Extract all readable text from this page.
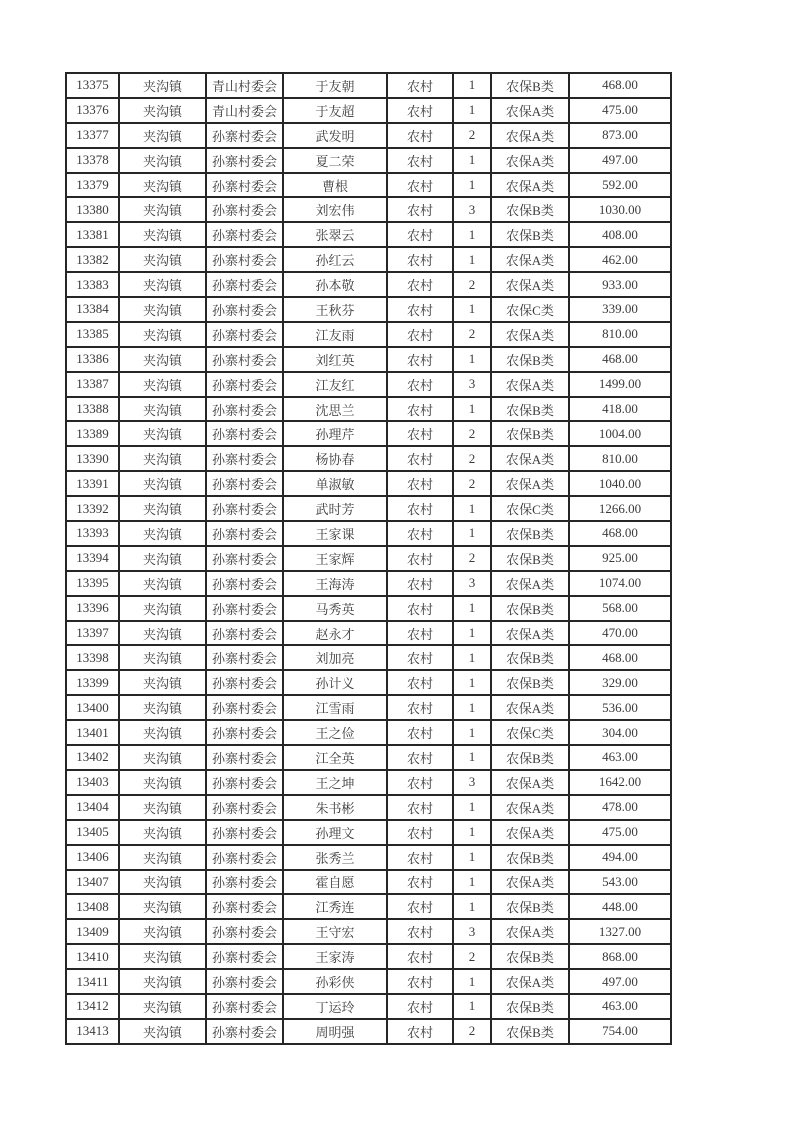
13375	夹沟镇	青山村委会	于友朝	农村	1	农保B类	468.00
13376	夹沟镇	青山村委会	于友超	农村	1	农保A类	475.00
13377	夹沟镇	孙寨村委会	武发明	农村	2	农保A类	873.00
13378	夹沟镇	孙寨村委会	夏二荣	农村	1	农保A类	497.00
13379	夹沟镇	孙寨村委会	曹根	农村	1	农保A类	592.00
13380	夹沟镇	孙寨村委会	刘宏伟	农村	3	农保B类	1030.00
13381	夹沟镇	孙寨村委会	张翠云	农村	1	农保B类	408.00
13382	夹沟镇	孙寨村委会	孙红云	农村	1	农保A类	462.00
13383	夹沟镇	孙寨村委会	孙本敬	农村	2	农保A类	933.00
13384	夹沟镇	孙寨村委会	王秋芬	农村	1	农保C类	339.00
13385	夹沟镇	孙寨村委会	江友雨	农村	2	农保A类	810.00
13386	夹沟镇	孙寨村委会	刘红英	农村	1	农保B类	468.00
13387	夹沟镇	孙寨村委会	江友红	农村	3	农保A类	1499.00
13388	夹沟镇	孙寨村委会	沈思兰	农村	1	农保B类	418.00
13389	夹沟镇	孙寨村委会	孙理芹	农村	2	农保B类	1004.00
13390	夹沟镇	孙寨村委会	杨协春	农村	2	农保A类	810.00
13391	夹沟镇	孙寨村委会	单淑敏	农村	2	农保A类	1040.00
13392	夹沟镇	孙寨村委会	武时芳	农村	1	农保C类	1266.00
13393	夹沟镇	孙寨村委会	王家课	农村	1	农保B类	468.00
13394	夹沟镇	孙寨村委会	王家辉	农村	2	农保B类	925.00
13395	夹沟镇	孙寨村委会	王海涛	农村	3	农保A类	1074.00
13396	夹沟镇	孙寨村委会	马秀英	农村	1	农保B类	568.00
13397	夹沟镇	孙寨村委会	赵永才	农村	1	农保A类	470.00
13398	夹沟镇	孙寨村委会	刘加亮	农村	1	农保B类	468.00
13399	夹沟镇	孙寨村委会	孙计义	农村	1	农保B类	329.00
13400	夹沟镇	孙寨村委会	江雪雨	农村	1	农保A类	536.00
13401	夹沟镇	孙寨村委会	王之俭	农村	1	农保C类	304.00
13402	夹沟镇	孙寨村委会	江全英	农村	1	农保B类	463.00
13403	夹沟镇	孙寨村委会	王之坤	农村	3	农保A类	1642.00
13404	夹沟镇	孙寨村委会	朱书彬	农村	1	农保A类	478.00
13405	夹沟镇	孙寨村委会	孙理文	农村	1	农保A类	475.00
13406	夹沟镇	孙寨村委会	张秀兰	农村	1	农保B类	494.00
13407	夹沟镇	孙寨村委会	霍自愿	农村	1	农保A类	543.00
13408	夹沟镇	孙寨村委会	江秀连	农村	1	农保B类	448.00
13409	夹沟镇	孙寨村委会	王守宏	农村	3	农保A类	1327.00
13410	夹沟镇	孙寨村委会	王家涛	农村	2	农保B类	868.00
13411	夹沟镇	孙寨村委会	孙彩侠	农村	1	农保A类	497.00
13412	夹沟镇	孙寨村委会	丁运玲	农村	1	农保B类	463.00
13413	夹沟镇	孙寨村委会	周明强	农村	2	农保B类	754.00
